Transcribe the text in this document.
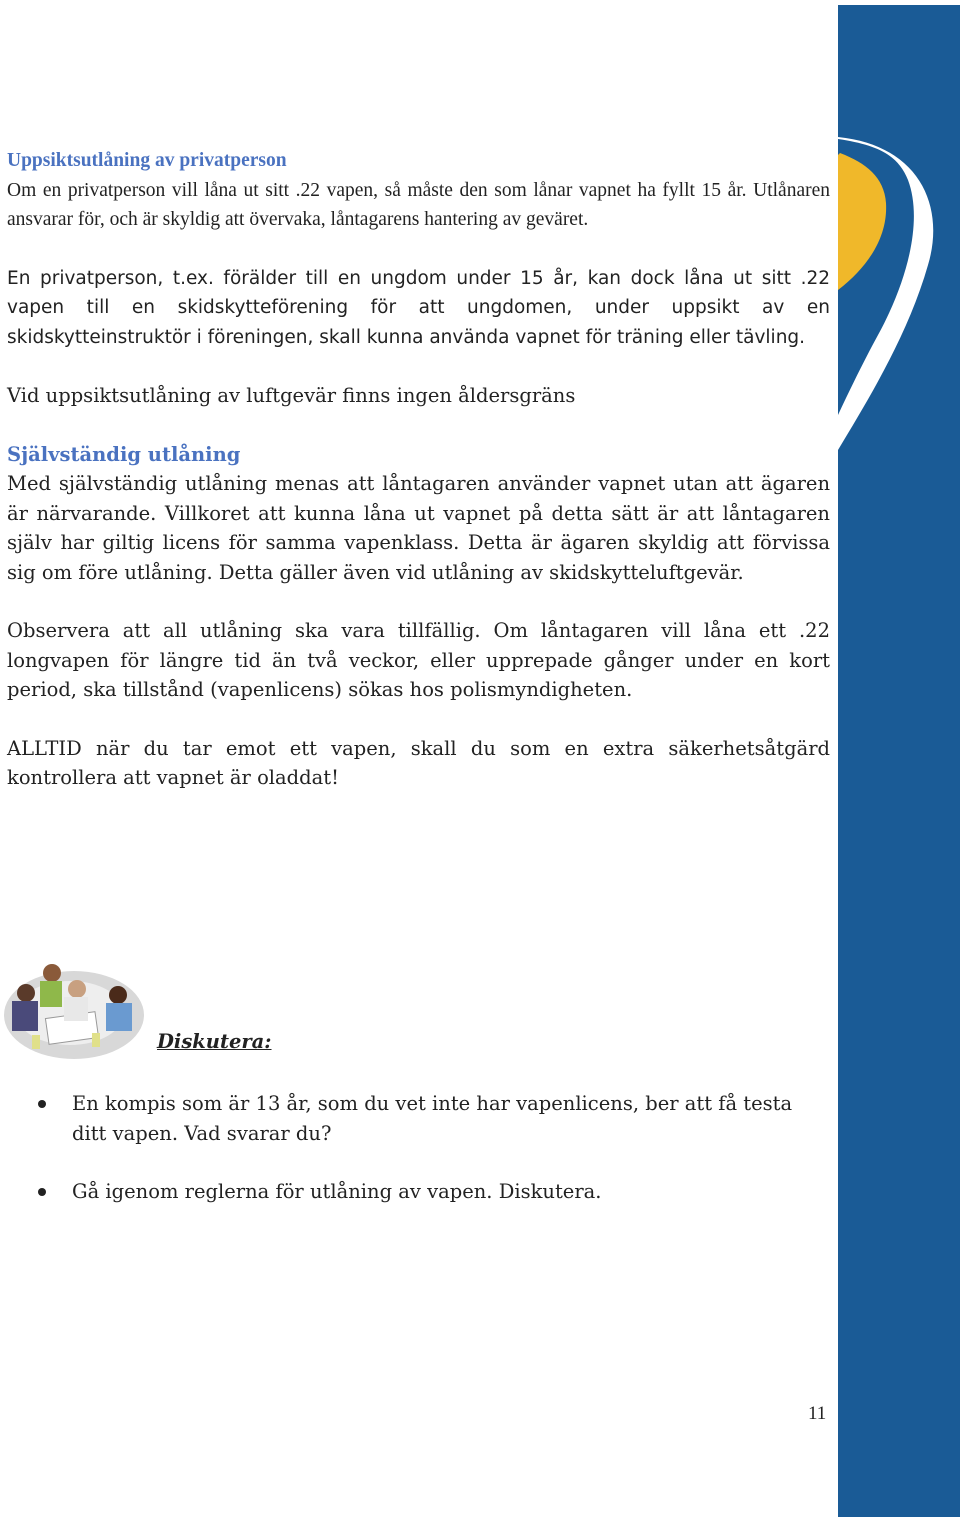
Uppsiktsutlåning av privatperson

Om en privatperson vill låna ut sitt .22 vapen, så måste den som lånar vapnet ha fyllt 15 år. Utlånaren ansvarar för, och är skyldig att övervaka, låntagarens hantering av geväret.

En privatperson, t.ex. förälder till en ungdom under 15 år, kan dock låna ut sitt .22 vapen till en skidskytteförening för att ungdomen, under uppsikt av en skidskytteinstruktör i föreningen, skall kunna använda vapnet för träning eller tävling.

Vid uppsiktsutlåning av luftgevär finns ingen åldersgräns

Självständig utlåning

Med självständig utlåning menas att låntagaren använder vapnet utan att ägaren är närvarande. Villkoret att kunna låna ut vapnet på detta sätt är att låntagaren själv har giltig licens för samma vapenklass. Detta är ägaren skyldig att förvissa sig om före utlåning. Detta gäller även vid utlåning av skidskytteluftgevär.

Observera att all utlåning ska vara tillfällig. Om låntagaren vill låna ett .22 longvapen för längre tid än två veckor, eller upprepade gånger under en kort period, ska tillstånd (vapenlicens) sökas hos polismyndigheten.

ALLTID när du tar emot ett vapen, skall du som en extra säkerhetsåtgärd kontrollera att vapnet är oladdat!

Diskutera:
En kompis som är 13 år, som du vet inte har vapenlicens, ber att få testa ditt vapen. Vad svarar du?
Gå igenom reglerna för utlåning av vapen. Diskutera.
11
